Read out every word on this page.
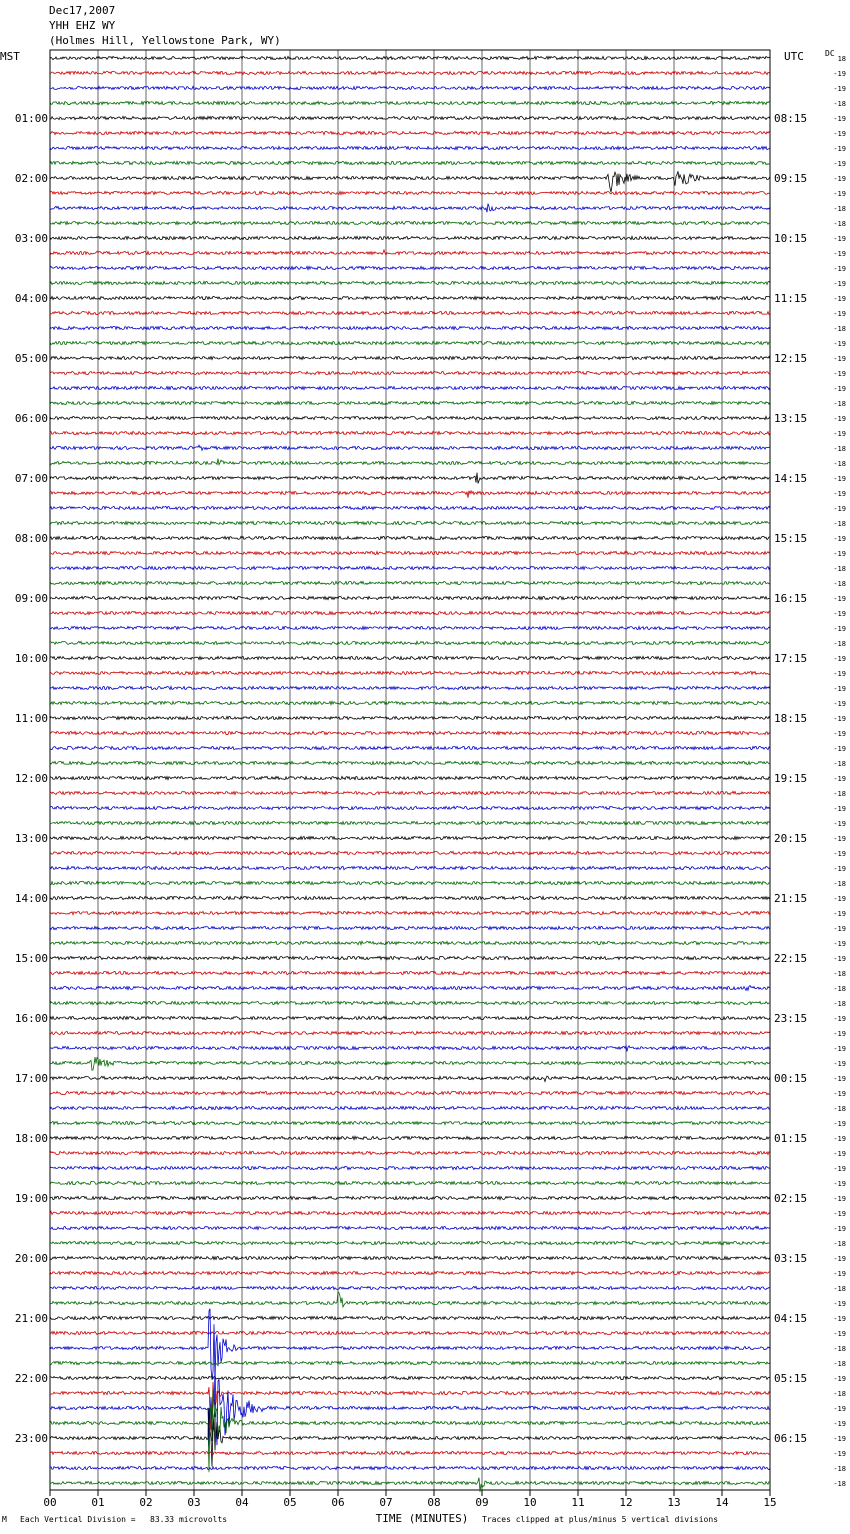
Dec17,2007
YHH EHZ WY
(Holmes Hill, Yellowstone Park, WY)
MST	UTC	DC
01:00
02:00
03:00
04:00
05:00
06:00
07:00
08:00
09:00
10:00
11:00
12:00
13:00
14:00
15:00
16:00
17:00
18:00
19:00
20:00
21:00
22:00
23:00
08:15
09:15
10:15
11:15
12:15
13:15
14:15
15:15
16:15
17:15
18:15
19:15
20:15
21:15
22:15
23:15
00:15
01:15
02:15
03:15
04:15
05:15
06:15
18
-19
-19
-18
-19
-19
-19
-19
-19
-19
-18
-18
-19
-19
-19
-19
-19
-19
-18
-19
-19
-19
-19
-18
-19
-19
-18
-18
-19
-19
-19
-18
-19
-19
-18
-18
-19
-19
-19
-18
-19
-19
-19
-19
-19
-19
-19
-18
-19
-18
-19
-19
-19
-19
-19
-18
-19
-19
-19
-19
-19
-18
-18
-18
-19
-19
-19
-19
-19
-19
-18
-19
-19
-19
-19
-19
-19
-19
-19
-18
-19
-19
-18
-19
-19
-19
-18
-18
-19
-18
-19
-19
-19
-19
-18
-18
00	01	02	03	04	05	06	07	08	09	10	11	12	13	14	15
TIME (MINUTES)
M Each Vertical Division =   83.33 microvolts	Traces clipped at plus/minus 5 vertical divisions
